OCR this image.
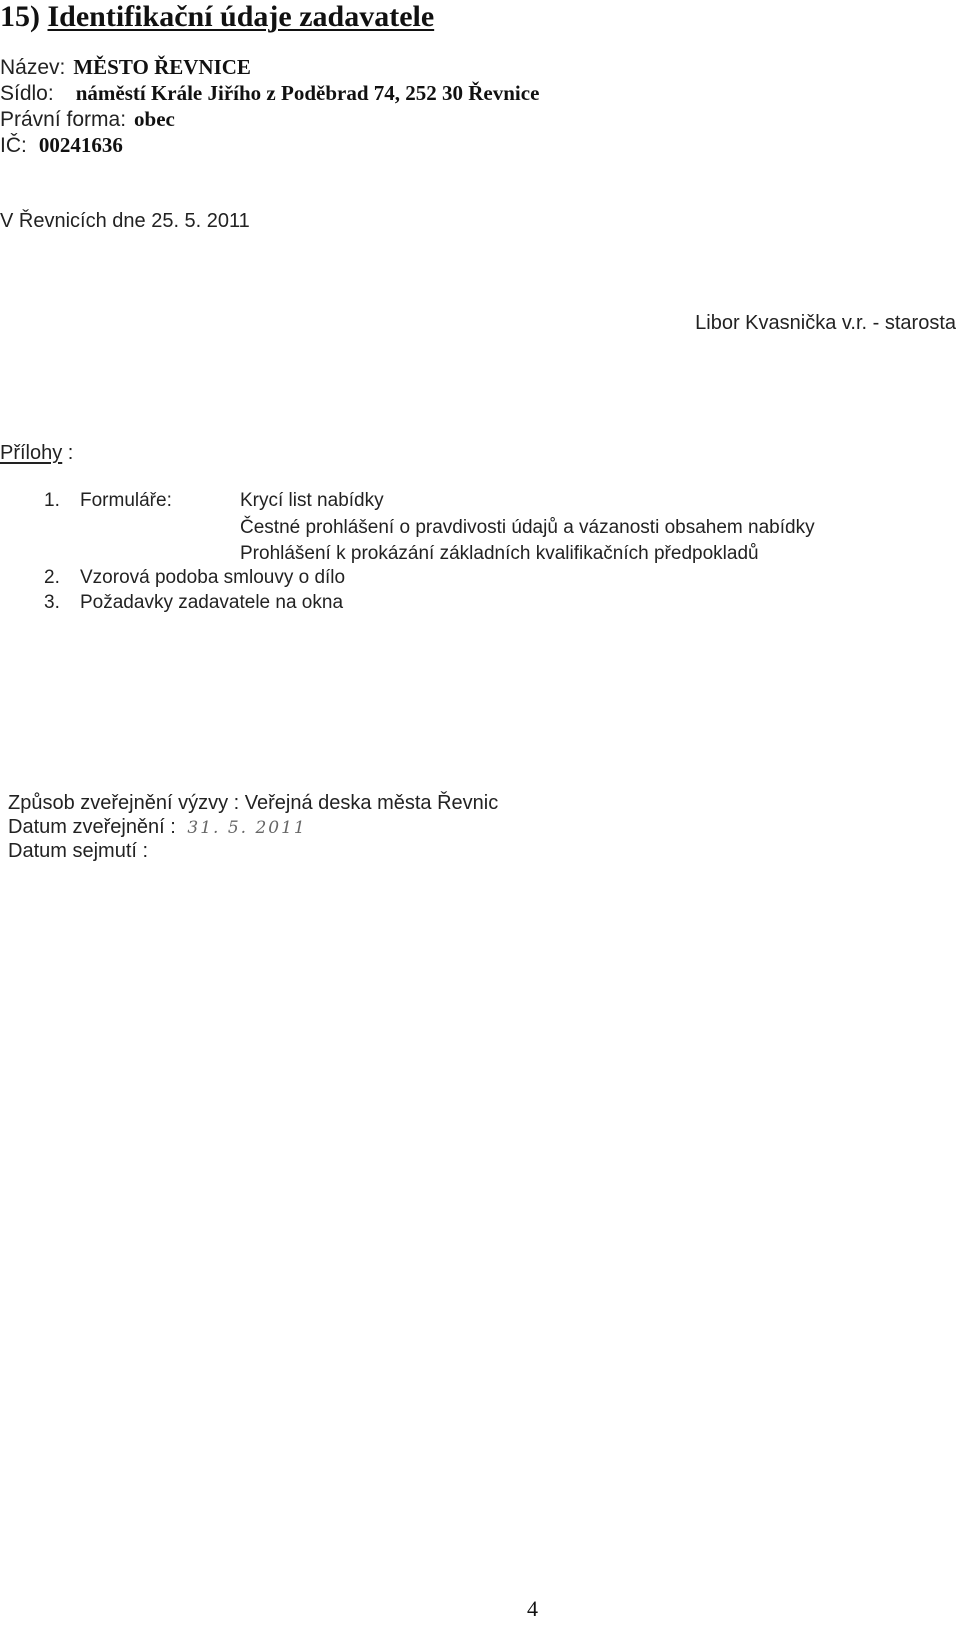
15) Identifikační údaje zadavatele
Název: MĚSTO ŘEVNICE
Sídlo: náměstí Krále Jiřího z Poděbrad 74, 252 30 Řevnice
Právní forma: obec
IČ: 00241636
V Řevnicích dne 25. 5. 2011
Libor Kvasnička v.r. - starosta
Přílohy :
1. Formuláře:	Krycí list nabídky
Čestné prohlášení o pravdivosti údajů a vázanosti obsahem nabídky
Prohlášení k prokázání základních kvalifikačních předpokladů
2. Vzorová podoba smlouvy o dílo
3. Požadavky zadavatele na okna
Způsob zveřejnění výzvy : Veřejná deska města Řevnic
Datum zveřejnění : 31. 5. 2011
Datum sejmutí :
4
